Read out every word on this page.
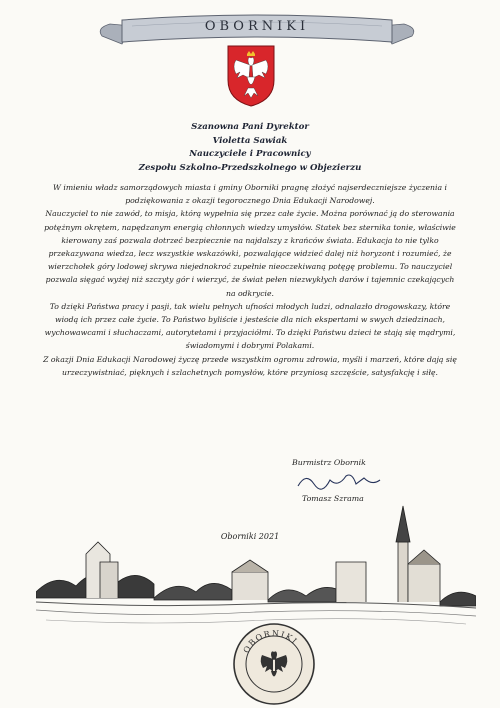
OBORNIKI
Szanowna Pani Dyrektor
Violetta Sawiak
Nauczyciele i Pracownicy
Zespołu Szkolno-Przedszkolnego w Objezierzu

W imieniu władz samorządowych miasta i gminy Oborniki pragnę złożyć najserdeczniejsze życzenia i podziękowania z okazji tegorocznego Dnia Edukacji Narodowej.

Nauczyciel to nie zawód, to misja, którą wypełnia się przez całe życie. Można porównać ją do sterowania potężnym okrętem, napędzanym energią chłonnych wiedzy umysłów. Statek bez sternika tonie, właściwie kierowany zaś pozwala dotrzeć bezpiecznie na najdalszy z krańców świata. Edukacja to nie tylko przekazywana wiedza, lecz wszystkie wskazówki, pozwalające widzieć dalej niż horyzont i rozumieć, że wierzchołek góry lodowej skrywa niejednokroć zupełnie nieoczekiwaną potęgę problemu. To nauczyciel pozwala sięgać wyżej niż szczyty gór i wierzyć, że świat pełen niezwykłych darów i tajemnic czekających na odkrycie.

To dzięki Państwa pracy i pasji, tak wielu pełnych ufności młodych ludzi, odnalazło drogowskazy, które wiodą ich przez całe życie. To Państwo byliście i jesteście dla nich ekspertami w swych dziedzinach, wychowawcami i słuchaczami, autorytetami i przyjaciółmi. To dzięki Państwu dzieci te stają się mądrymi, świadomymi i dobrymi Polakami.

Z okazji Dnia Edukacji Narodowej życzę przede wszystkim ogromu zdrowia, myśli i marzeń, które dają się urzeczywistniać, pięknych i szlachetnych pomysłów, które przyniosą szczęście, satysfakcję i siłę.

Burmistrz Obornik
Tomasz Szrama
Oborniki 2021
OBORNIKI
